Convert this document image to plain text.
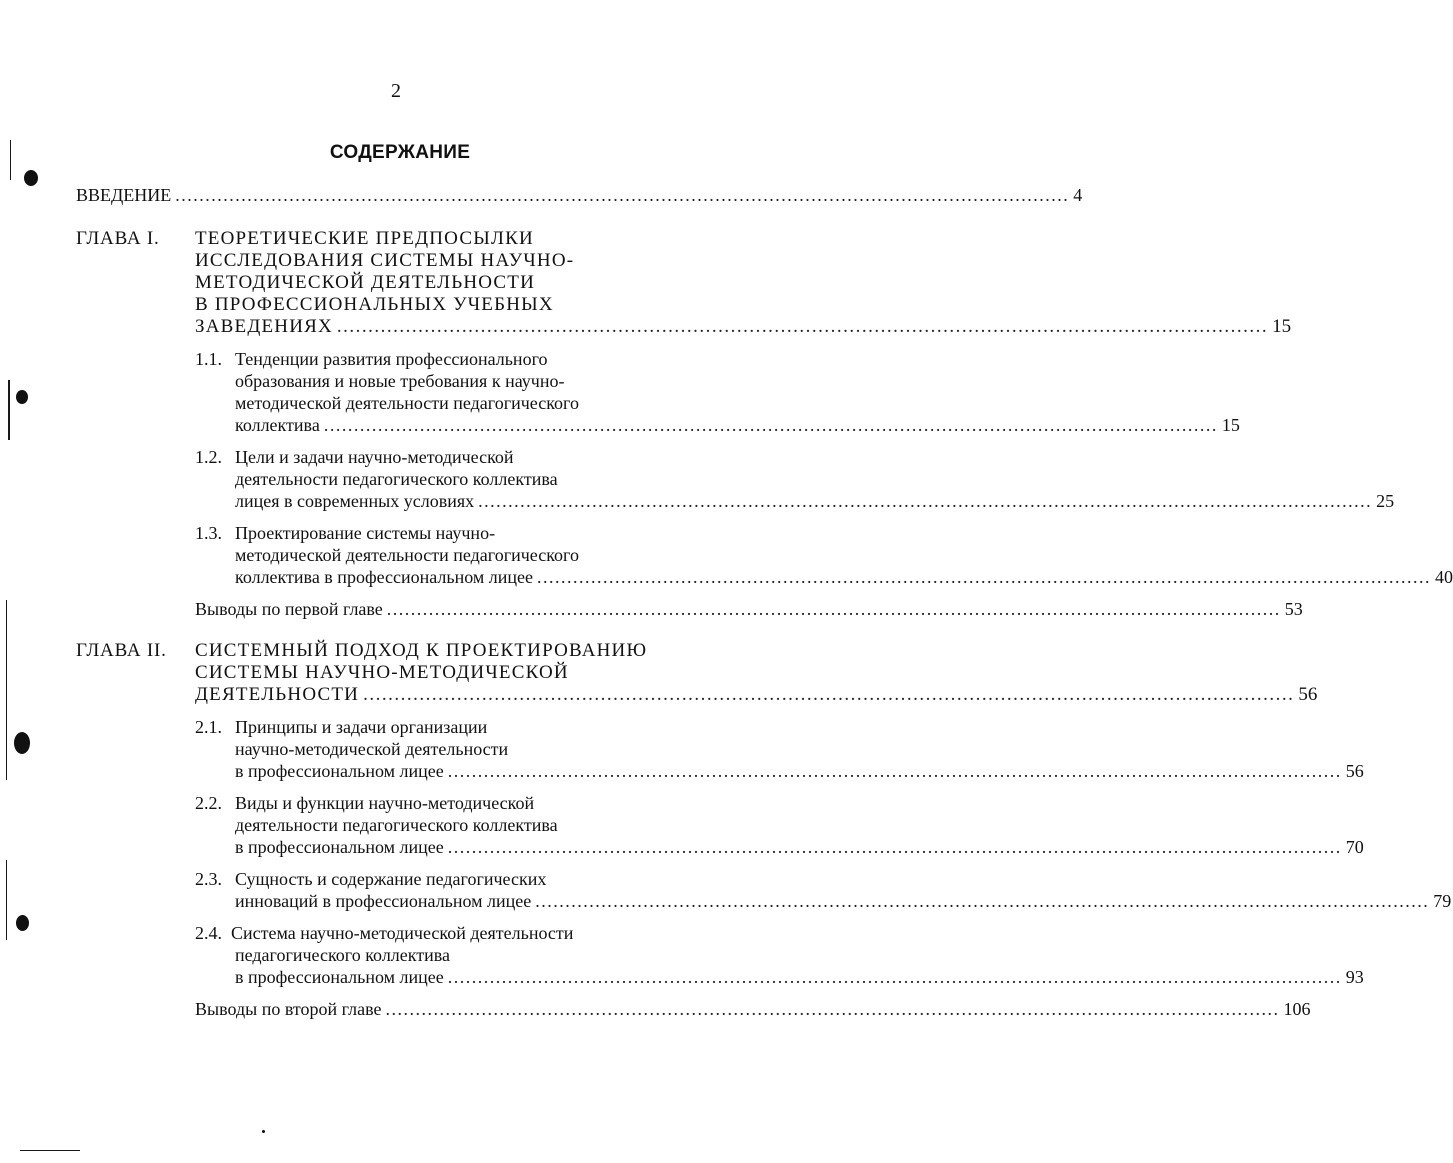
2
СОДЕРЖАНИЕ
ВВЕДЕНИЕ ..................................................................................................................................................... 4
ГЛАВА I. ТЕОРЕТИЧЕСКИЕ ПРЕДПОСЫЛКИ
ИССЛЕДОВАНИЯ СИСТЕМЫ НАУЧНО-
МЕТОДИЧЕСКОЙ ДЕЯТЕЛЬНОСТИ
В ПРОФЕССИОНАЛЬНЫХ УЧЕБНЫХ
ЗАВЕДЕНИЯХ ..................................................................................................................................................... 15
1.1. Тенденции развития профессионального
образования и новые требования к научно-
методической деятельности педагогического
коллектива ..................................................................................................................................................... 15
1.2. Цели и задачи научно-методической
деятельности педагогического коллектива
лицея в современных условиях ..................................................................................................................................................... 25
1.3. Проектирование системы научно-
методической деятельности педагогического
коллектива в профессиональном лицее ..................................................................................................................................................... 40
Выводы по первой главе ..................................................................................................................................................... 53
ГЛАВА II. СИСТЕМНЫЙ ПОДХОД К ПРОЕКТИРОВАНИЮ
СИСТЕМЫ НАУЧНО-МЕТОДИЧЕСКОЙ
ДЕЯТЕЛЬНОСТИ ..................................................................................................................................................... 56
2.1. Принципы и задачи организации
научно-методической деятельности
в профессиональном лицее ..................................................................................................................................................... 56
2.2. Виды и функции научно-методической
деятельности педагогического коллектива
в профессиональном лицее ..................................................................................................................................................... 70
2.3. Сущность и содержание педагогических
инноваций в профессиональном лицее ..................................................................................................................................................... 79
2.4. Система научно-методической деятельности
педагогического коллектива
в профессиональном лицее ..................................................................................................................................................... 93
Выводы по второй главе ..................................................................................................................................................... 106
